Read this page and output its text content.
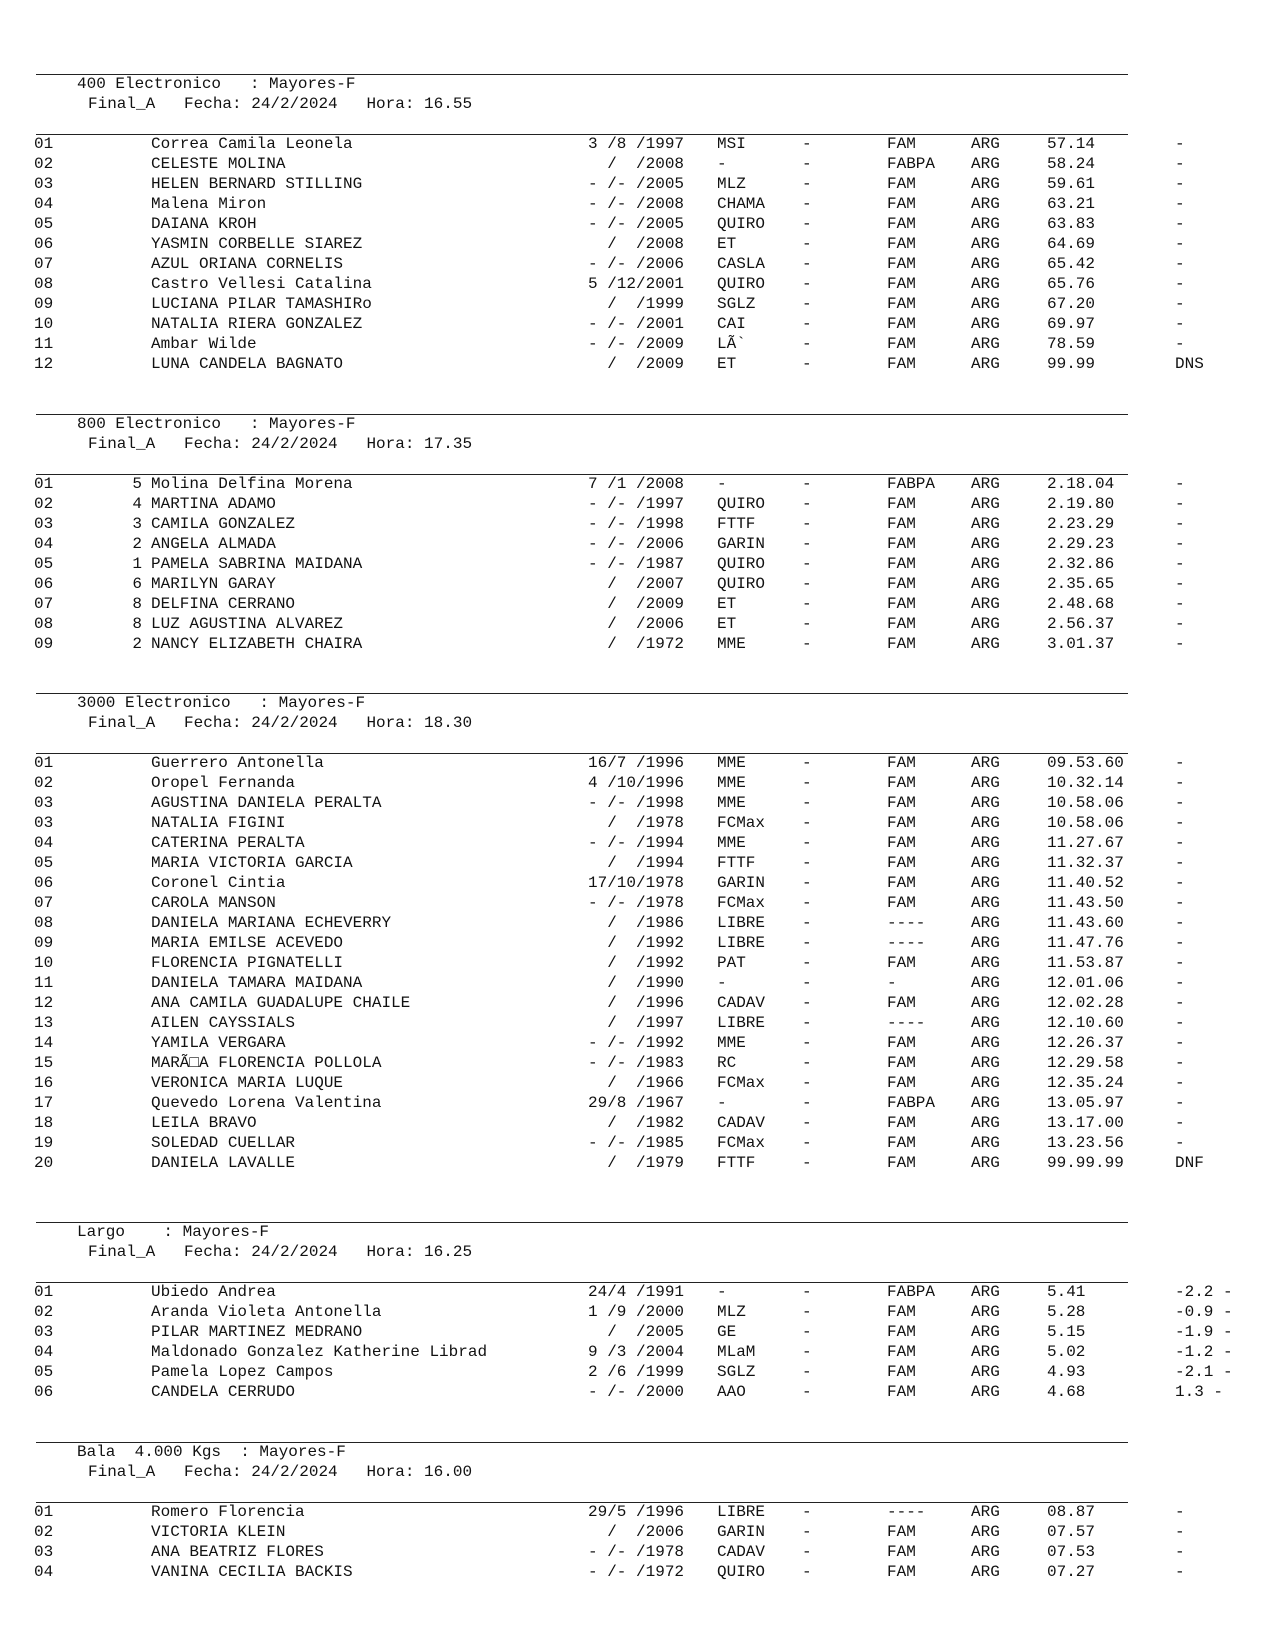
400 Electronico   : Mayores-F
Final_A   Fecha: 24/2/2024   Hora: 16.55
01	Correa Camila Leonela	3 /8 /1997 MSI	-	FAM	ARG	57.14	-
02	CELESTE MOLINA	/  /2008 -	-	FABPA ARG	58.24	-
03	HELEN BERNARD STILLING	- /- /2005 MLZ	-	FAM	ARG	59.61	-
04	Malena Miron	- /- /2008 CHAMA -	FAM	ARG	63.21	-
05	DAIANA KROH	- /- /2005 QUIRO -	FAM	ARG	63.83	-
06	YASMIN CORBELLE SIAREZ	/  /2008 ET	-	FAM	ARG	64.69	-
07	AZUL ORIANA CORNELIS	- /- /2006 CASLA -	FAM	ARG	65.42	-
08	Castro Vellesi Catalina	5 /12/2001 QUIRO -	FAM	ARG	65.76	-
09	LUCIANA PILAR TAMASHIRo	/  /1999 SGLZ	-	FAM	ARG	67.20	-
10	NATALIA RIERA GONZALEZ	- /- /2001 CAI	-	FAM	ARG	69.97	-
11	Ambar Wilde	- /- /2009 LÃ`	-	FAM	ARG	78.59	-
12	LUNA CANDELA BAGNATO	/  /2009 ET	-	FAM	ARG	99.99	DNS
800 Electronico   : Mayores-F
Final_A   Fecha: 24/2/2024   Hora: 17.35
01	5 Molina Delfina Morena	7 /1 /2008 -	-	FABPA ARG	2.18.04	-
02	4 MARTINA ADAMO	- /- /1997 QUIRO -	FAM	ARG	2.19.80	-
03	3 CAMILA GONZALEZ	- /- /1998 FTTF	-	FAM	ARG	2.23.29	-
04	2 ANGELA ALMADA	- /- /2006 GARIN -	FAM	ARG	2.29.23	-
05	1 PAMELA SABRINA MAIDANA	- /- /1987 QUIRO -	FAM	ARG	2.32.86	-
06	6 MARILYN GARAY	/  /2007 QUIRO -	FAM	ARG	2.35.65	-
07	8 DELFINA CERRANO	/  /2009 ET	-	FAM	ARG	2.48.68	-
08	8 LUZ AGUSTINA ALVAREZ	/  /2006 ET	-	FAM	ARG	2.56.37	-
09	2 NANCY ELIZABETH CHAIRA	/  /1972 MME	-	FAM	ARG	3.01.37	-
3000 Electronico   : Mayores-F
Final_A   Fecha: 24/2/2024   Hora: 18.30
01	Guerrero Antonella	16/7 /1996 MME	-	FAM	ARG	09.53.60	-
02	Oropel Fernanda	4 /10/1996 MME	-	FAM	ARG	10.32.14	-
03	AGUSTINA DANIELA PERALTA	- /- /1998 MME	-	FAM	ARG	10.58.06	-
03	NATALIA FIGINI	/  /1978 FCMax -	FAM	ARG	10.58.06	-
04	CATERINA PERALTA	- /- /1994 MME	-	FAM	ARG	11.27.67	-
05	MARIA VICTORIA GARCIA	/  /1994 FTTF	-	FAM	ARG	11.32.37	-
06	Coronel Cintia	17/10/1978 GARIN -	FAM	ARG	11.40.52	-
07	CAROLA MANSON	- /- /1978 FCMax -	FAM	ARG	11.43.50	-
08	DANIELA MARIANA ECHEVERRY	/  /1986 LIBRE -	----	ARG	11.43.60	-
09	MARIA EMILSE ACEVEDO	/  /1992 LIBRE -	----	ARG	11.47.76	-
10	FLORENCIA PIGNATELLI	/  /1992 PAT	-	FAM	ARG	11.53.87	-
11	DANIELA TAMARA MAIDANA	/  /1990 -	-	-	ARG	12.01.06	-
12	ANA CAMILA GUADALUPE CHAILE	/  /1996 CADAV -	FAM	ARG	12.02.28	-
13	AILEN CAYSSIALS	/  /1997 LIBRE -	----	ARG	12.10.60	-
14	YAMILA VERGARA	- /- /1992 MME	-	FAM	ARG	12.26.37	-
15	MARÃ□A FLORENCIA POLLOLA	- /- /1983 RC	-	FAM	ARG	12.29.58	-
16	VERONICA MARIA LUQUE	/  /1966 FCMax -	FAM	ARG	12.35.24	-
17	Quevedo Lorena Valentina	29/8 /1967 -	-	FABPA ARG	13.05.97	-
18	LEILA BRAVO	/  /1982 CADAV -	FAM	ARG	13.17.00	-
19	SOLEDAD CUELLAR	- /- /1985 FCMax -	FAM	ARG	13.23.56	-
20	DANIELA LAVALLE	/  /1979 FTTF	-	FAM	ARG	99.99.99	DNF
Largo    : Mayores-F
Final_A   Fecha: 24/2/2024   Hora: 16.25
01	Ubiedo Andrea	24/4 /1991 -	-	FABPA ARG	5.41	-2.2 -
02	Aranda Violeta Antonella	1 /9 /2000 MLZ	-	FAM	ARG	5.28	-0.9 -
03	PILAR MARTINEZ MEDRANO	/  /2005 GE	-	FAM	ARG	5.15	-1.9 -
04	Maldonado Gonzalez Katherine Librad	9 /3 /2004 MLaM	-	FAM	ARG	5.02	-1.2 -
05	Pamela Lopez Campos	2 /6 /1999 SGLZ	-	FAM	ARG	4.93	-2.1 -
06	CANDELA CERRUDO	- /- /2000 AAO	-	FAM	ARG	4.68	1.3 -
Bala  4.000 Kgs  : Mayores-F
Final_A   Fecha: 24/2/2024   Hora: 16.00
01	Romero Florencia	29/5 /1996 LIBRE -	----	ARG	08.87	-
02	VICTORIA KLEIN	/  /2006 GARIN -	FAM	ARG	07.57	-
03	ANA BEATRIZ FLORES	- /- /1978 CADAV -	FAM	ARG	07.53	-
04	VANINA CECILIA BACKIS	- /- /1972 QUIRO -	FAM	ARG	07.27	-
